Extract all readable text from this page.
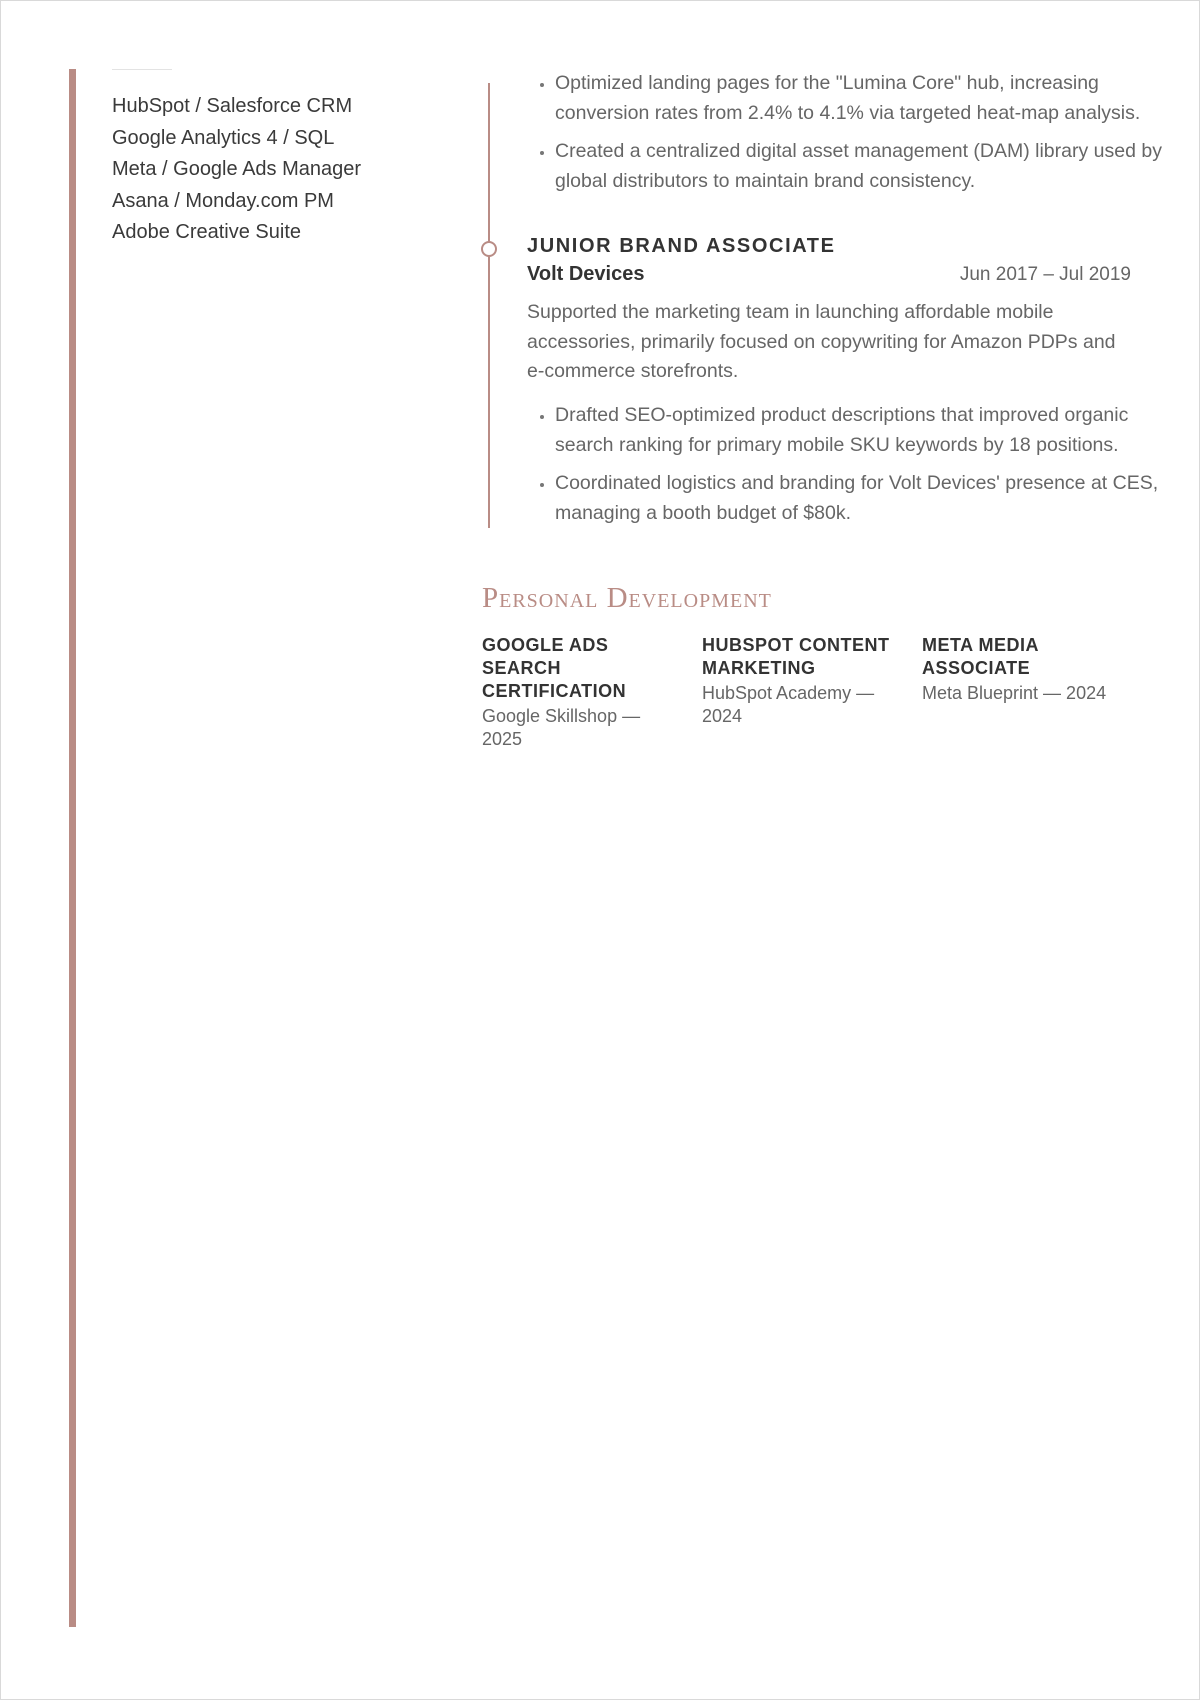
HubSpot / Salesforce CRM
Google Analytics 4 / SQL
Meta / Google Ads Manager
Asana / Monday.com PM
Adobe Creative Suite
• Optimized landing pages for the "Lumina Core" hub, increasing conversion rates from 2.4% to 4.1% via targeted heat-map analysis.
• Created a centralized digital asset management (DAM) library used by global distributors to maintain brand consistency.
JUNIOR BRAND ASSOCIATE

Volt Devices	Jun 2017 – Jul 2019

Supported the marketing team in launching affordable mobile accessories, primarily focused on copywriting for Amazon PDPs and e-commerce storefronts.

• Drafted SEO-optimized product descriptions that improved organic search ranking for primary mobile SKU keywords by 18 positions.
• Coordinated logistics and branding for Volt Devices' presence at CES, managing a booth budget of $80k.
Personal Development

GOOGLE ADS SEARCH CERTIFICATION

Google Skillshop — 2025

HUBSPOT CONTENT MARKETING

HubSpot Academy — 2024

META MEDIA ASSOCIATE

Meta Blueprint — 2024
